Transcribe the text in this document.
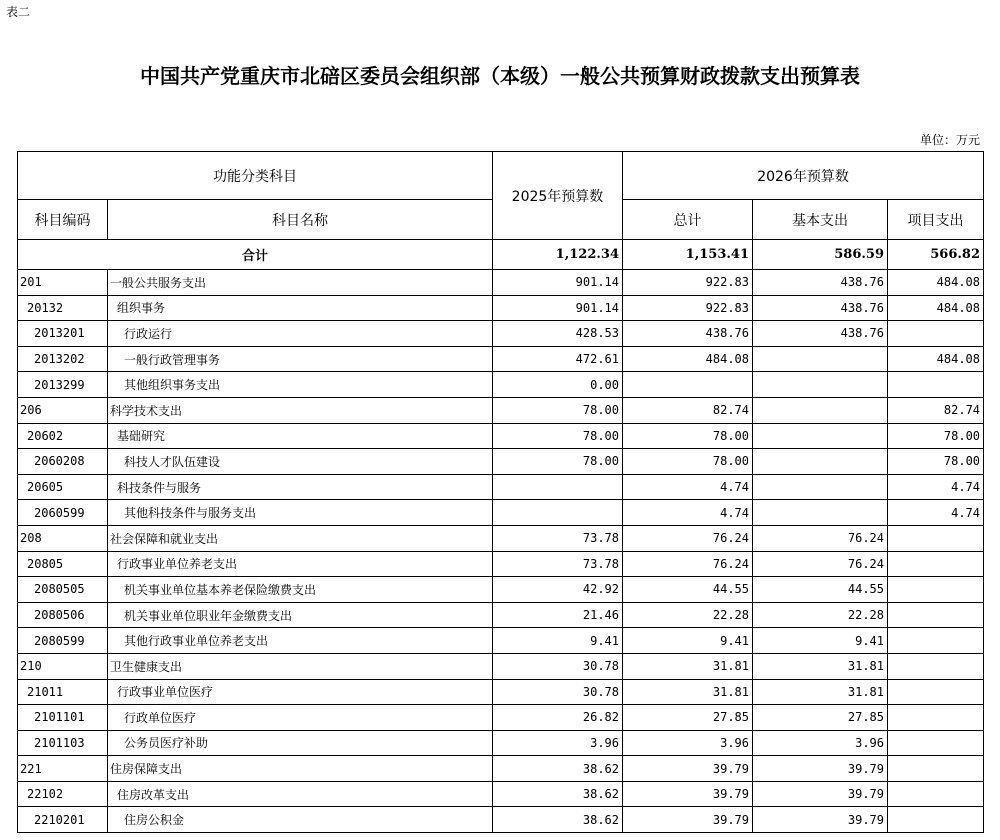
表二
中国共产党重庆市北碚区委员会组织部（本级）一般公共预算财政拨款支出预算表
单位：万元
功能分类科目		2025年预算数	2026年预算数		
科目编码	科目名称		总计	基本支出	项目支出
合计		1,122.34	1,153.41	586.59	566.82
201	一般公共服务支出	901.14	922.83	438.76	484.08
20132	组织事务	901.14	922.83	438.76	484.08
2013201	行政运行	428.53	438.76	438.76	
2013202	一般行政管理事务	472.61	484.08		484.08
2013299	其他组织事务支出	0.00			
206	科学技术支出	78.00	82.74		82.74
20602	基础研究	78.00	78.00		78.00
2060208	科技人才队伍建设	78.00	78.00		78.00
20605	科技条件与服务		4.74		4.74
2060599	其他科技条件与服务支出		4.74		4.74
208	社会保障和就业支出	73.78	76.24	76.24	
20805	行政事业单位养老支出	73.78	76.24	76.24	
2080505	机关事业单位基本养老保险缴费支出	42.92	44.55	44.55	
2080506	机关事业单位职业年金缴费支出	21.46	22.28	22.28	
2080599	其他行政事业单位养老支出	9.41	9.41	9.41	
210	卫生健康支出	30.78	31.81	31.81	
21011	行政事业单位医疗	30.78	31.81	31.81	
2101101	行政单位医疗	26.82	27.85	27.85	
2101103	公务员医疗补助	3.96	3.96	3.96	
221	住房保障支出	38.62	39.79	39.79	
22102	住房改革支出	38.62	39.79	39.79	
2210201	住房公积金	38.62	39.79	39.79	
